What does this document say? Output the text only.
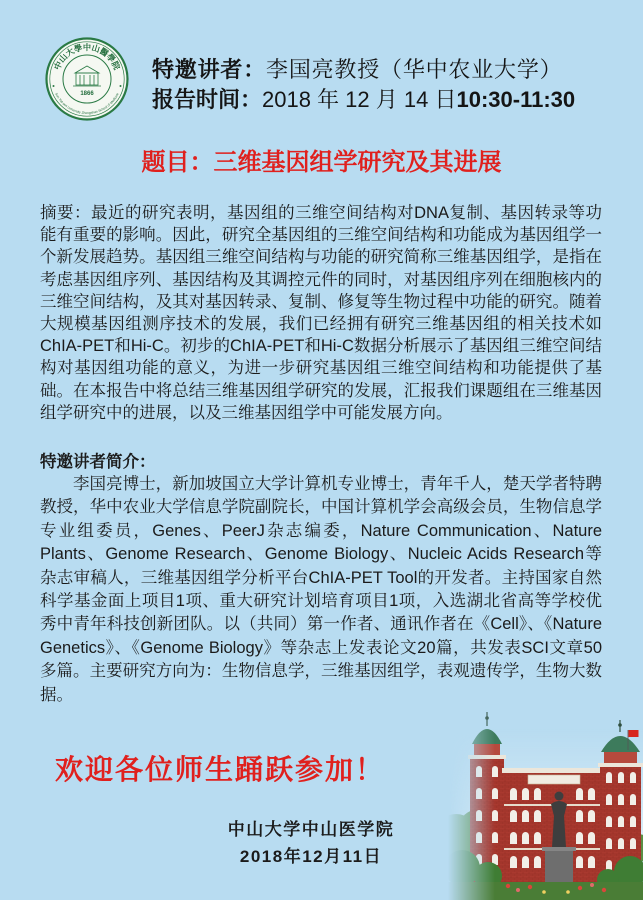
中山大學中山醫學院
Sun Yat-sen University Zhongshan School of Medicine
1866

特邀讲者：李国亮教授（华中农业大学）

报告时间：2018 年 12 月 14 日10:30-11:30

题目：三维基因组学研究及其进展

摘要：最近的研究表明，基因组的三维空间结构对DNA复制、基因转录等功能有重要的影响。因此，研究全基因组的三维空间结构和功能成为基因组学一个新发展趋势。基因组三维空间结构与功能的研究简称三维基因组学，是指在考虑基因组序列、基因结构及其调控元件的同时，对基因组序列在细胞核内的三维空间结构，及其对基因转录、复制、修复等生物过程中功能的研究。随着大规模基因组测序技术的发展，我们已经拥有研究三维基因组的相关技术如ChIA-PET和Hi-C。初步的ChIA-PET和Hi-C数据分析展示了基因组三维空间结构对基因组功能的意义，为进一步研究基因组三维空间结构和功能提供了基础。在本报告中将总结三维基因组学研究的发展，汇报我们课题组在三维基因组学研究中的进展，以及三维基因组学中可能发展方向。

特邀讲者简介：

李国亮博士，新加坡国立大学计算机专业博士，青年千人，楚天学者特聘教授，华中农业大学信息学院副院长，中国计算机学会高级会员，生物信息学专业组委员，Genes、PeerJ杂志编委，Nature Communication、Nature Plants、Genome Research、Genome Biology、Nucleic Acids Research等杂志审稿人，三维基因组学分析平台ChIA-PET Tool的开发者。主持国家自然科学基金面上项目1项、重大研究计划培育项目1项，入选湖北省高等学校优秀中青年科技创新团队。以（共同）第一作者、通讯作者在《Cell》、《Nature Genetics》、《Genome Biology》等杂志上发表论文20篇，共发表SCI文章50多篇。主要研究方向为：生物信息学，三维基因组学，表观遗传学，生物大数据。

欢迎各位师生踊跃参加！

中山大学中山医学院

2018年12月11日
